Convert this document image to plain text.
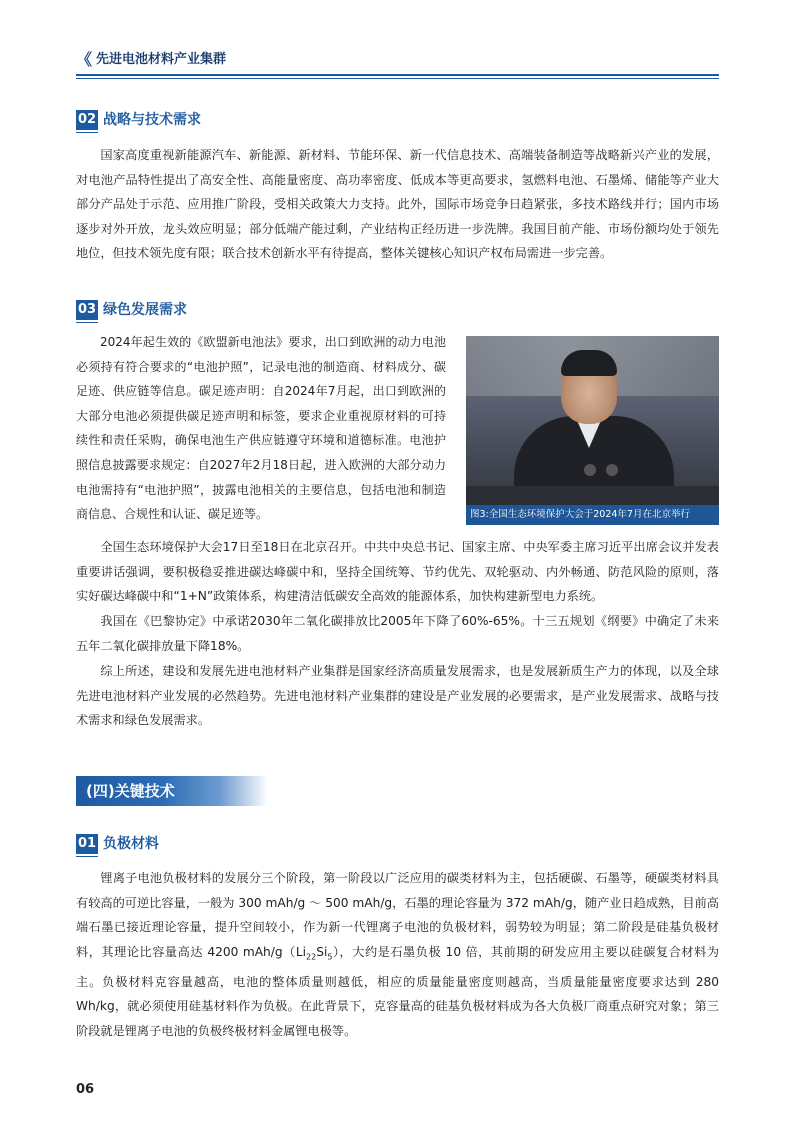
《 先进电池材料产业集群
02 战略与技术需求

国家高度重视新能源汽车、新能源、新材料、节能环保、新一代信息技术、高端装备制造等战略新兴产业的发展，对电池产品特性提出了高安全性、高能量密度、高功率密度、低成本等更高要求，氢燃料电池、石墨烯、储能等产业大部分产品处于示范、应用推广阶段，受相关政策大力支持。此外，国际市场竞争日趋紧张，多技术路线并行；国内市场逐步对外开放，龙头效应明显；部分低端产能过剩，产业结构正经历进一步洗牌。我国目前产能、市场份额均处于领先地位，但技术领先度有限；联合技术创新水平有待提高，整体关键核心知识产权布局需进一步完善。

03 绿色发展需求

2024年起生效的《欧盟新电池法》要求，出口到欧洲的动力电池必须持有符合要求的“电池护照”，记录电池的制造商、材料成分、碳足迹、供应链等信息。碳足迹声明：自2024年7月起，出口到欧洲的大部分电池必须提供碳足迹声明和标签，要求企业重视原材料的可持续性和责任采购，确保电池生产供应链遵守环境和道德标准。电池护照信息披露要求规定：自2027年2月18日起，进入欧洲的大部分动力电池需持有“电池护照”，披露电池相关的主要信息，包括电池和制造商信息、合规性和认证、碳足迹等。	图3:全国生态环境保护大会于2024年7月在北京举行

全国生态环境保护大会17日至18日在北京召开。中共中央总书记、国家主席、中央军委主席习近平出席会议并发表重要讲话强调，要积极稳妥推进碳达峰碳中和，坚持全国统筹、节约优先、双轮驱动、内外畅通、防范风险的原则，落实好碳达峰碳中和“1+N”政策体系，构建清洁低碳安全高效的能源体系，加快构建新型电力系统。

我国在《巴黎协定》中承诺2030年二氧化碳排放比2005年下降了60%-65%。十三五规划《纲要》中确定了未来五年二氧化碳排放量下降18%。

综上所述，建设和发展先进电池材料产业集群是国家经济高质量发展需求，也是发展新质生产力的体现，以及全球先进电池材料产业发展的必然趋势。先进电池材料产业集群的建设是产业发展的必要需求，是产业发展需求、战略与技术需求和绿色发展需求。

(四)关键技术
01 负极材料

锂离子电池负极材料的发展分三个阶段，第一阶段以广泛应用的碳类材料为主，包括硬碳、石墨等，硬碳类材料具有较高的可逆比容量，一般为 300 mAh/g ～ 500 mAh/g，石墨的理论容量为 372 mAh/g，随产业日趋成熟，目前高端石墨已接近理论容量，提升空间较小，作为新一代锂离子电池的负极材料，弱势较为明显；第二阶段是硅基负极材料，其理论比容量高达 4200 mAh/$g(Li_{22}Si_5)$，大约是石墨负极 10 倍，其前期的研发应用主要以硅碳复合材料为主。负极材料克容量越高，电池的整体质量则越低，相应的质量能量密度则越高，当质量能量密度要求达到 280 Wh/kg，就必须使用硅基材料作为负极。在此背景下，克容量高的硅基负极材料成为各大负极厂商重点研究对象；第三阶段就是锂离子电池的负极终极材料金属锂电极等。

06
